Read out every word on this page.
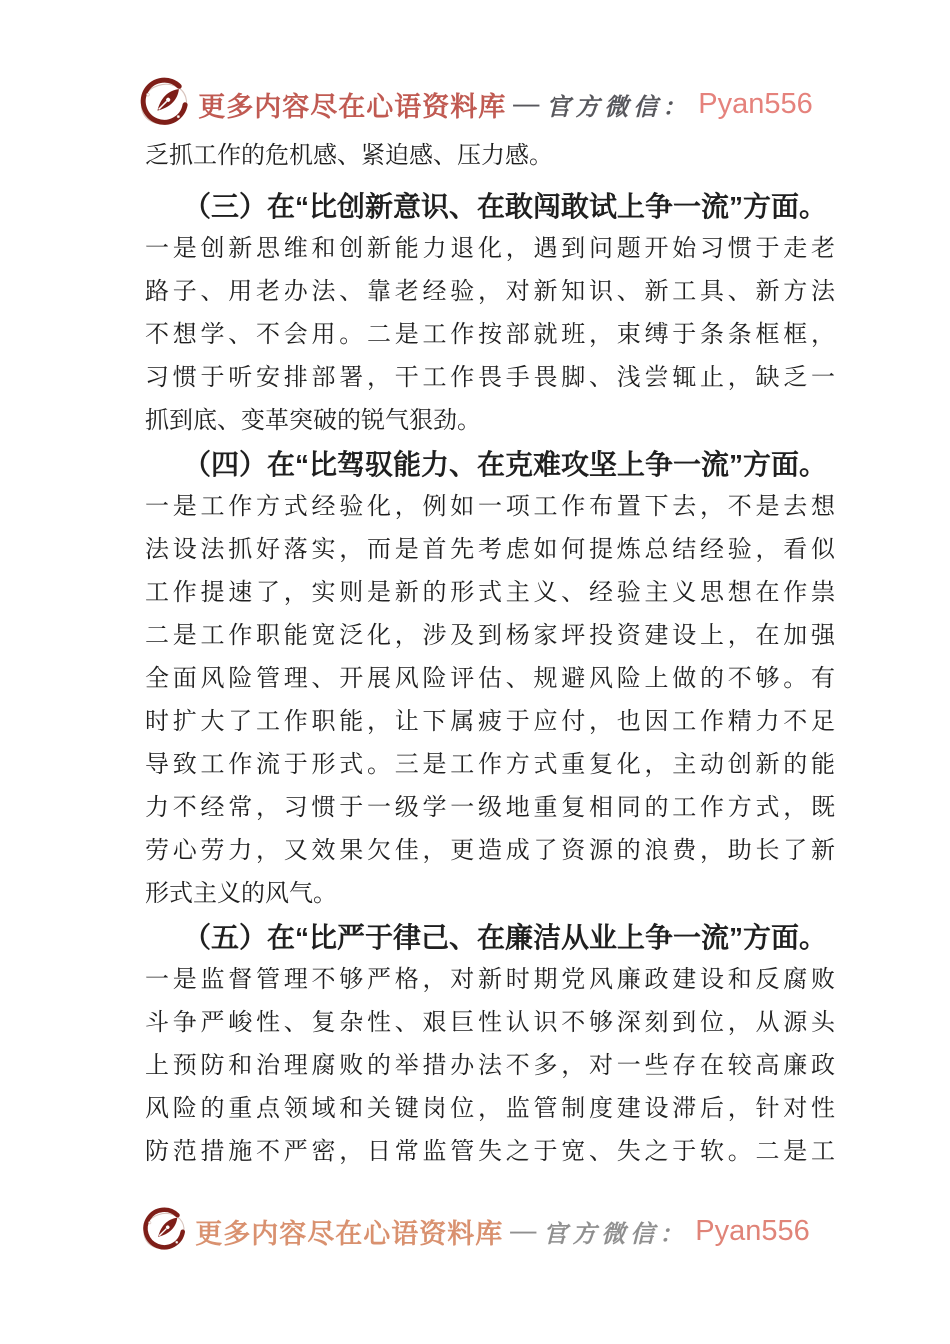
更多内容尽在心语资料库 — 官方微信： Pyan556
乏抓工作的危机感、紧迫感、压力感。
（三）在“比创新意识、在敢闯敢试上争一流”方面。
一是创新思维和创新能力退化，遇到问题开始习惯于走老
路子、用老办法、靠老经验，对新知识、新工具、新方法
不想学、不会用。二是工作按部就班，束缚于条条框框，
习惯于听安排部署，干工作畏手畏脚、浅尝辄止，缺乏一
抓到底、变革突破的锐气狠劲。
（四）在“比驾驭能力、在克难攻坚上争一流”方面。
一是工作方式经验化，例如一项工作布置下去，不是去想
法设法抓好落实，而是首先考虑如何提炼总结经验，看似
工作提速了，实则是新的形式主义、经验主义思想在作祟
二是工作职能宽泛化，涉及到杨家坪投资建设上，在加强
全面风险管理、开展风险评估、规避风险上做的不够。有
时扩大了工作职能，让下属疲于应付，也因工作精力不足
导致工作流于形式。三是工作方式重复化，主动创新的能
力不经常，习惯于一级学一级地重复相同的工作方式，既
劳心劳力，又效果欠佳，更造成了资源的浪费，助长了新
形式主义的风气。
（五）在“比严于律己、在廉洁从业上争一流”方面。
一是监督管理不够严格，对新时期党风廉政建设和反腐败
斗争严峻性、复杂性、艰巨性认识不够深刻到位，从源头
上预防和治理腐败的举措办法不多，对一些存在较高廉政
风险的重点领域和关键岗位，监管制度建设滞后，针对性
防范措施不严密，日常监管失之于宽、失之于软。二是工
更多内容尽在心语资料库 — 官方微信： Pyan556
